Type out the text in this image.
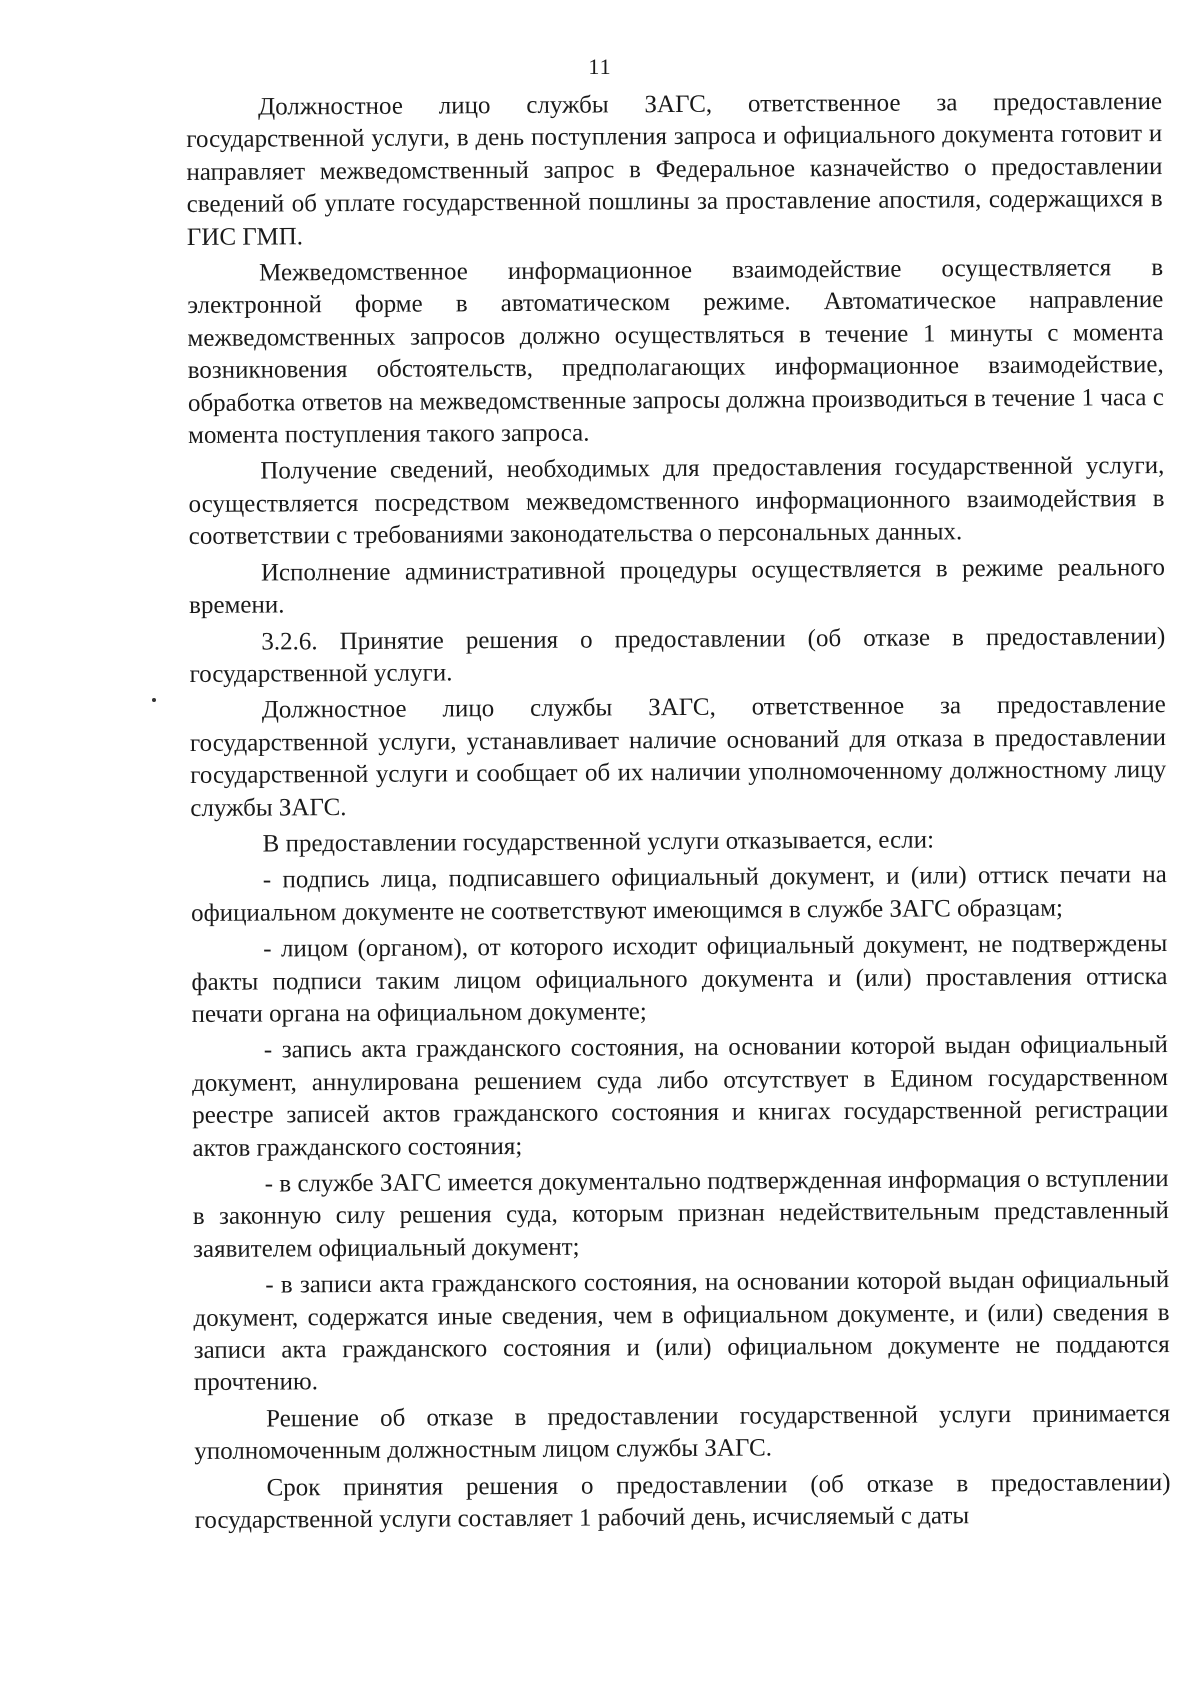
11

Должностное лицо службы ЗАГС, ответственное за предоставление государственной услуги, в день поступления запроса и официального документа готовит и направляет межведомственный запрос в Федеральное казначейство о предоставлении сведений об уплате государственной пошлины за проставление апостиля, содержащихся в ГИС ГМП.

Межведомственное информационное взаимодействие осуществляется в электронной форме в автоматическом режиме. Автоматическое направление межведомственных запросов должно осуществляться в течение 1 минуты с момента возникновения обстоятельств, предполагающих информационное взаимодействие, обработка ответов на межведомственные запросы должна производиться в течение 1 часа с момента поступления такого запроса.

Получение сведений, необходимых для предоставления государственной услуги, осуществляется посредством межведомственного информационного взаимодействия в соответствии с требованиями законодательства о персональных данных.

Исполнение административной процедуры осуществляется в режиме реального времени.

3.2.6. Принятие решения о предоставлении (об отказе в предоставлении) государственной услуги.

Должностное лицо службы ЗАГС, ответственное за предоставление государственной услуги, устанавливает наличие оснований для отказа в предоставлении государственной услуги и сообщает об их наличии уполномоченному должностному лицу службы ЗАГС.

В предоставлении государственной услуги отказывается, если:

- подпись лица, подписавшего официальный документ, и (или) оттиск печати на официальном документе не соответствуют имеющимся в службе ЗАГС образцам;

- лицом (органом), от которого исходит официальный документ, не подтверждены факты подписи таким лицом официального документа и (или) проставления оттиска печати органа на официальном документе;

- запись акта гражданского состояния, на основании которой выдан официальный документ, аннулирована решением суда либо отсутствует в Едином государственном реестре записей актов гражданского состояния и книгах государственной регистрации актов гражданского состояния;

- в службе ЗАГС имеется документально подтвержденная информация о вступлении в законную силу решения суда, которым признан недействительным представленный заявителем официальный документ;

- в записи акта гражданского состояния, на основании которой выдан официальный документ, содержатся иные сведения, чем в официальном документе, и (или) сведения в записи акта гражданского состояния и (или) официальном документе не поддаются прочтению.

Решение об отказе в предоставлении государственной услуги принимается уполномоченным должностным лицом службы ЗАГС.

Срок принятия решения о предоставлении (об отказе в предоставлении) государственной услуги составляет 1 рабочий день, исчисляемый с даты
